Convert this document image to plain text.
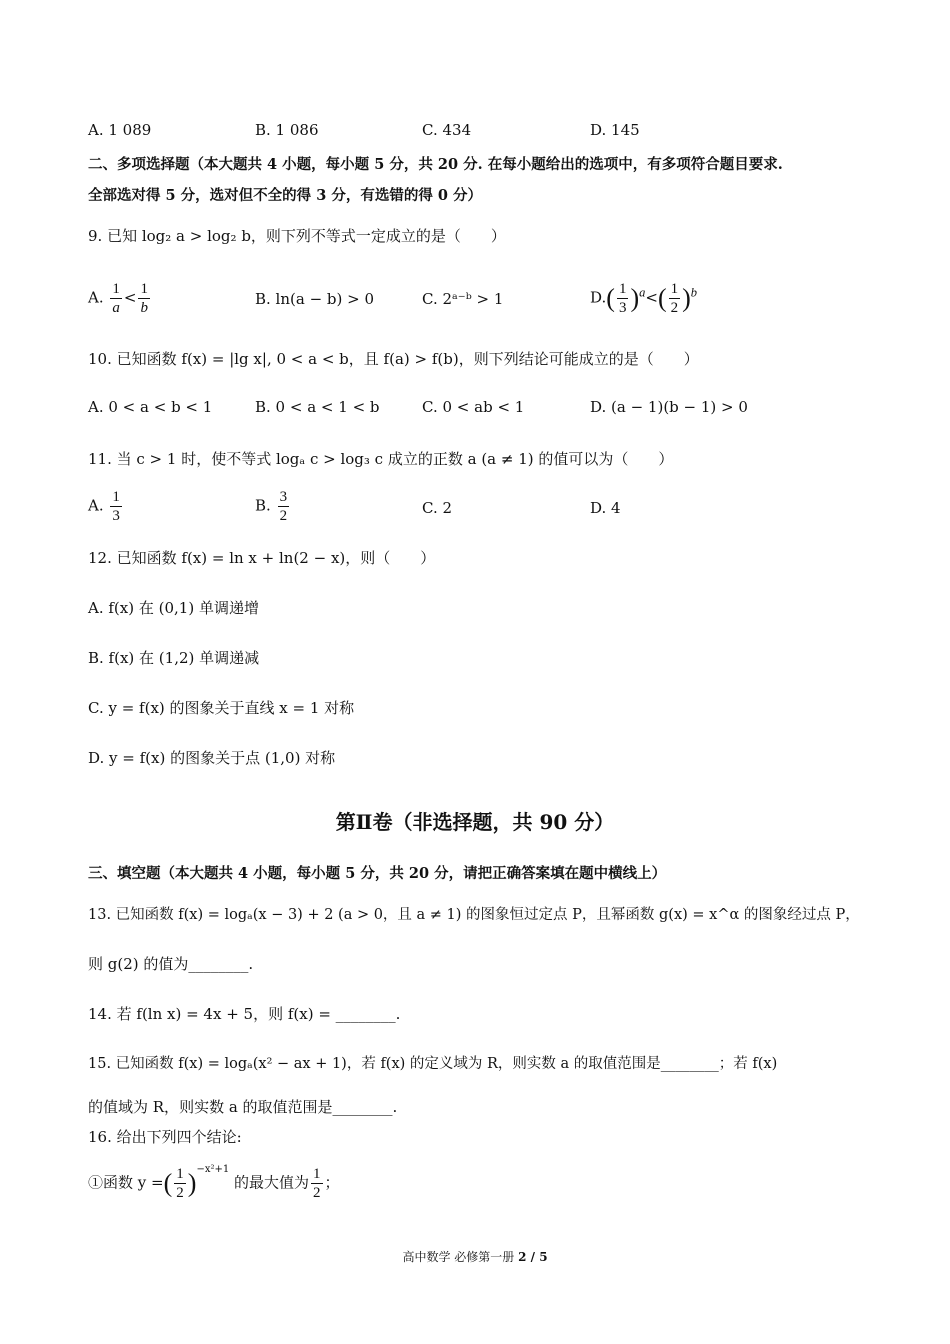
A. 1 089	B. 1 086	C. 434	D. 145
二、多项选择题（本大题共 4 小题，每小题 5 分，共 20 分. 在每小题给出的选项中，有多项符合题目要求.
全部选对得 5 分，选对但不全的得 3 分，有选错的得 0 分）
9. 已知 log₂ a > log₂ b，则下列不等式一定成立的是（　　）
A. $\frac{1}{a} < \frac{1}{b}$	B. ln(a − b) > 0	C. 2ᵃ⁻ᵇ > 1	$D.( \frac{1}{3} )^a<( \frac{1}{2} )^b$
10. 已知函数 f(x) = |lg x|, 0 < a < b，且 f(a) > f(b)，则下列结论可能成立的是（　　）
A. 0 < a < b < 1	B. 0 < a < 1 < b	C. 0 < ab < 1	D. (a − 1)(b − 1) > 0
11. 当 c > 1 时，使不等式 logₐ c > log₃ c 成立的正数 a (a ≠ 1) 的值可以为（　　）
A. $\frac{1}{3}$	B. $\frac{3}{2}$	C. 2	D. 4
12. 已知函数 f(x) = ln x + ln(2 − x)，则（　　）
A. f(x) 在 (0,1) 单调递增
B. f(x) 在 (1,2) 单调递减
C. y = f(x) 的图象关于直线 x = 1 对称
D. y = f(x) 的图象关于点 (1,0) 对称
第Ⅱ卷（非选择题，共 90 分）
三、填空题（本大题共 4 小题，每小题 5 分，共 20 分，请把正确答案填在题中横线上）
13. 已知函数 f(x) = logₐ(x − 3) + 2 (a > 0，且 a ≠ 1) 的图象恒过定点 P，且幂函数 g(x) = x^α 的图象经过点 P，
则 g(2) 的值为________.
14. 若 f(ln x) = 4x + 5，则 f(x) = ________.
15. 已知函数 f(x) = logₐ(x² − ax + 1)，若 f(x) 的定义域为 R，则实数 a 的取值范围是________；若 f(x)
的值域为 R，则实数 a 的取值范围是________.
16. 给出下列四个结论:
①函数 y =( $\frac{1}{2} )^{-x^2+1}$ 的最大值为 $\frac{1}{2}$ ；
高中数学 必修第一册 2 / 5
